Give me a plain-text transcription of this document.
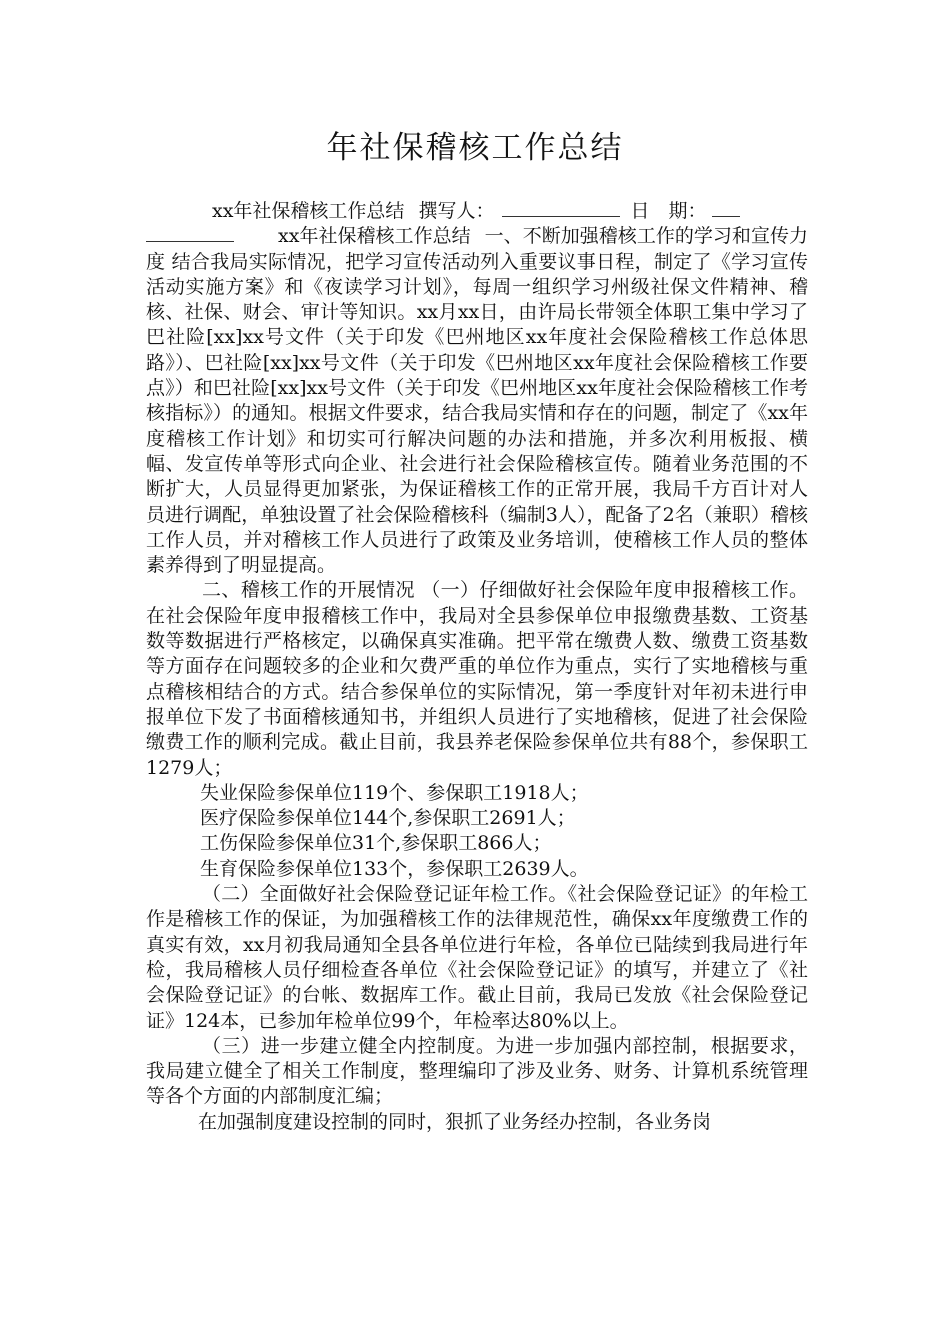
年社保稽核工作总结

xx年社保稽核工作总结 撰写人：	日　期：
xx年社保稽核工作总结 一、不断加强稽核工作的学习和宣传力度 结合我局实际情况，把学习宣传活动列入重要议事日程，制定了《学习宣传活动实施方案》和《夜读学习计划》，每周一组织学习州级社保文件精神、稽核、社保、财会、审计等知识。xx月xx日，由许局长带领全体职工集中学习了巴社险[xx]xx号文件（关于印发《巴州地区xx年度社会保险稽核工作总体思路》）、巴社险[xx]xx号文件（关于印发《巴州地区xx年度社会保险稽核工作要点》）和巴社险[xx]xx号文件（关于印发《巴州地区xx年度社会保险稽核工作考核指标》）的通知。根据文件要求，结合我局实情和存在的问题，制定了《xx年度稽核工作计划》和切实可行解决问题的办法和措施，并多次利用板报、横幅、发宣传单等形式向企业、社会进行社会保险稽核宣传。随着业务范围的不断扩大，人员显得更加紧张，为保证稽核工作的正常开展，我局千方百计对人员进行调配，单独设置了社会保险稽核科（编制3人），配备了2名（兼职）稽核工作人员，并对稽核工作人员进行了政策及业务培训，使稽核工作人员的整体素养得到了明显提高。

二、稽核工作的开展情况 （一）仔细做好社会保险年度申报稽核工作。在社会保险年度申报稽核工作中，我局对全县参保单位申报缴费基数、工资基数等数据进行严格核定，以确保真实准确。把平常在缴费人数、缴费工资基数等方面存在问题较多的企业和欠费严重的单位作为重点，实行了实地稽核与重点稽核相结合的方式。结合参保单位的实际情况，第一季度针对年初未进行申报单位下发了书面稽核通知书，并组织人员进行了实地稽核，促进了社会保险缴费工作的顺利完成。截止目前，我县养老保险参保单位共有88个，参保职工1279人；

失业保险参保单位119个、参保职工1918人；

医疗保险参保单位144个,参保职工2691人；

工伤保险参保单位31个,参保职工866人；

生育保险参保单位133个，参保职工2639人。

（二）全面做好社会保险登记证年检工作。《社会保险登记证》的年检工作是稽核工作的保证，为加强稽核工作的法律规范性，确保xx年度缴费工作的真实有效，xx月初我局通知全县各单位进行年检，各单位已陆续到我局进行年检，我局稽核人员仔细检查各单位《社会保险登记证》的填写，并建立了《社会保险登记证》的台帐、数据库工作。截止目前，我局已发放《社会保险登记证》124本，已参加年检单位99个，年检率达80%以上。

（三）进一步建立健全内控制度。为进一步加强内部控制，根据要求，我局建立健全了相关工作制度，整理编印了涉及业务、财务、计算机系统管理等各个方面的内部制度汇编；

在加强制度建设控制的同时，狠抓了业务经办控制，各业务岗
